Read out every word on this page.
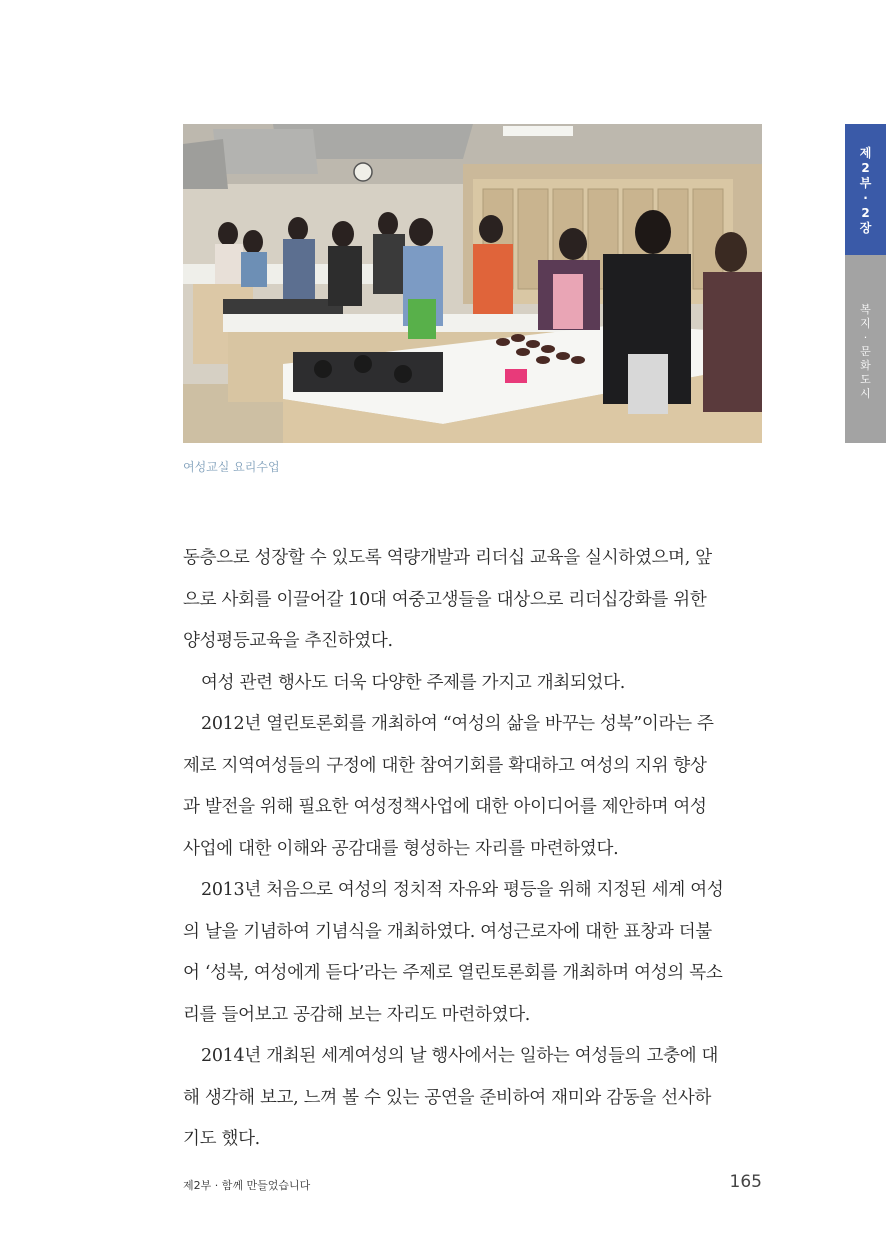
제
2
부
·
2
장
복
지
·
문
화
도
시
여성교실 요리수업
동층으로 성장할 수 있도록 역량개발과 리더십 교육을 실시하였으며, 앞
으로 사회를 이끌어갈 10대 여중고생들을 대상으로 리더십강화를 위한
양성평등교육을 추진하였다.
여성 관련 행사도 더욱 다양한 주제를 가지고 개최되었다.
2012년 열린토론회를 개최하여 “여성의 삶을 바꾸는 성북”이라는 주
제로 지역여성들의 구정에 대한 참여기회를 확대하고 여성의 지위 향상
과 발전을 위해 필요한 여성정책사업에 대한 아이디어를 제안하며 여성
사업에 대한 이해와 공감대를 형성하는 자리를 마련하였다.
2013년 처음으로 여성의 정치적 자유와 평등을 위해 지정된 세계 여성
의 날을 기념하여 기념식을 개최하였다. 여성근로자에 대한 표창과 더불
어 ‘성북, 여성에게 듣다’라는 주제로 열린토론회를 개최하며 여성의 목소
리를 들어보고 공감해 보는 자리도 마련하였다.
2014년 개최된 세계여성의 날 행사에서는 일하는 여성들의 고충에 대
해 생각해 보고, 느껴 볼 수 있는 공연을 준비하여 재미와 감동을 선사하
기도 했다.
제2부 · 함께 만들었습니다	165
